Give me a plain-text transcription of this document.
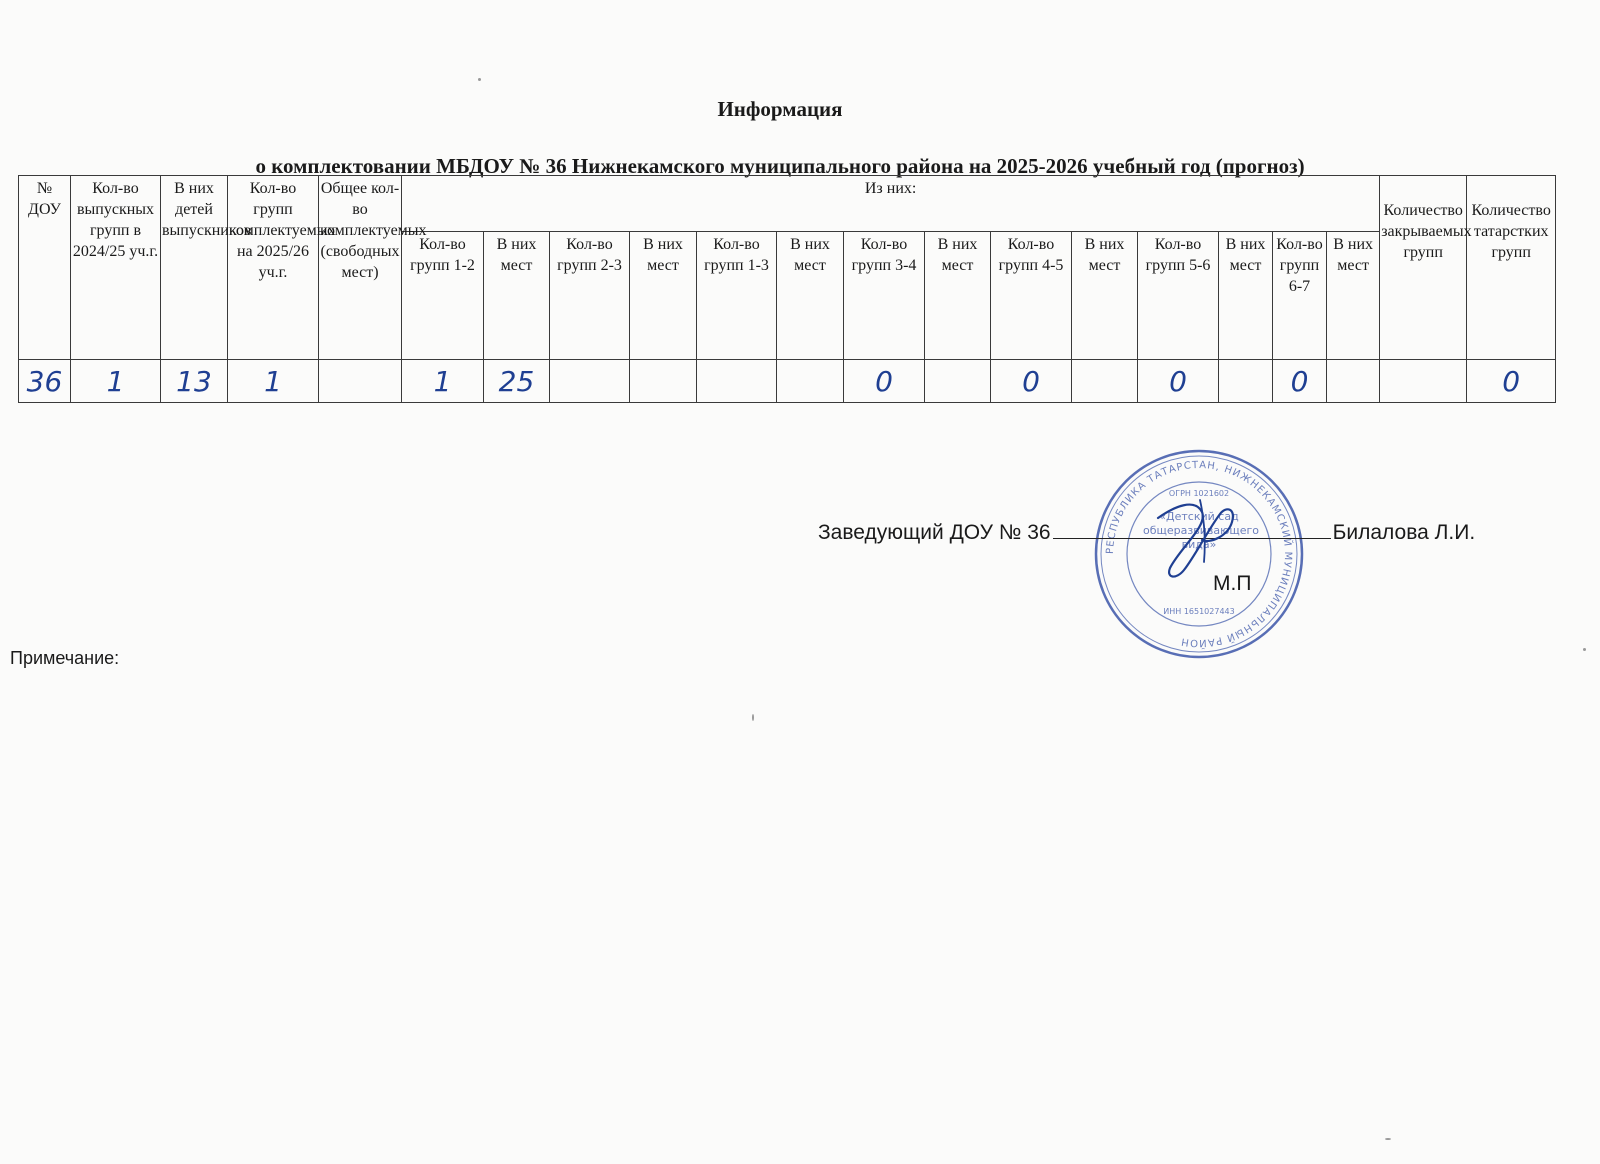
Информация
о комплектовании МБДОУ № 36 Нижнекамского муниципального района на 2025-2026 учебный год (прогноз)
№ ДОУ	Кол-во выпускных групп в 2024/25 уч.г.	В них детей выпускников	Кол-во групп комплектуемых на 2025/26 уч.г.	Общее кол-во комплектуемых (свободных мест)	Из них:														Количество закрываемых групп	Количество татарстких групп
					Кол-во групп 1-2	В них мест	Кол-во групп 2-3	В них мест	Кол-во групп 1-3	В них мест	Кол-во групп 3-4	В них мест	Кол-во групп 4-5	В них мест	Кол-во групп 5-6	В них мест	Кол-во групп 6-7	В них мест		
36	1	13	1		1	25					0		0		0		0			0
РЕСПУБЛИКА ТАТАРСТАН, НИЖНЕКАМСКИЙ МУНИЦИПАЛЬНЫЙ РАЙОН
ОГРН 1021602
«Детский сад общеразвивающего вида»
ИНН 1651027443
Заведующий ДОУ № 36	Билалова Л.И.
М.П
Примечание:
